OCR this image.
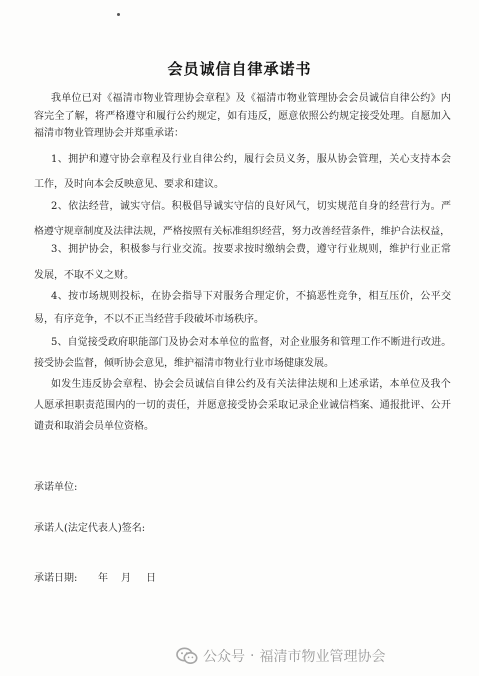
会员诚信自律承诺书
我单位已对《福清市物业管理协会章程》及《福清市物业管理协会会员诚信自律公约》内
容完全了解，将严格遵守和履行公约规定，如有违反，愿意依照公约规定接受处理。自愿加入
福清市物业管理协会并郑重承诺：
1、拥护和遵守协会章程及行业自律公约，履行会员义务，服从协会管理，关心支持本会
工作，及时向本会反映意见、要求和建议。
2、依法经营，诚实守信。积极倡导诚实守信的良好风气，切实规范自身的经营行为。严
格遵守规章制度及法律法规，严格按照有关标准组织经营，努力改善经营条件，维护合法权益，
3、拥护协会，积极参与行业交流。按要求按时缴纳会费，遵守行业规则，维护行业正常
发展，不取不义之财。
4、按市场规则投标，在协会指导下对服务合理定价，不搞恶性竞争，相互压价，公平交
易，有序竞争，不以不正当经营手段破坏市场秩序。
5、自觉接受政府职能部门及协会对本单位的监督，对企业服务和管理工作不断进行改进。
接受协会监督，倾听协会意见，维护福清市物业行业市场健康发展。
如发生违反协会章程、协会会员诚信自律公约及有关法律法规和上述承诺，本单位及我个
人愿承担职责范围内的一切的责任，并愿意接受协会采取记录企业诚信档案、通报批评、公开
谴责和取消会员单位资格。
承诺单位:
承诺人(法定代表人)签名:
承诺日期: 年 月 日
公众号 · 福清市物业管理协会
